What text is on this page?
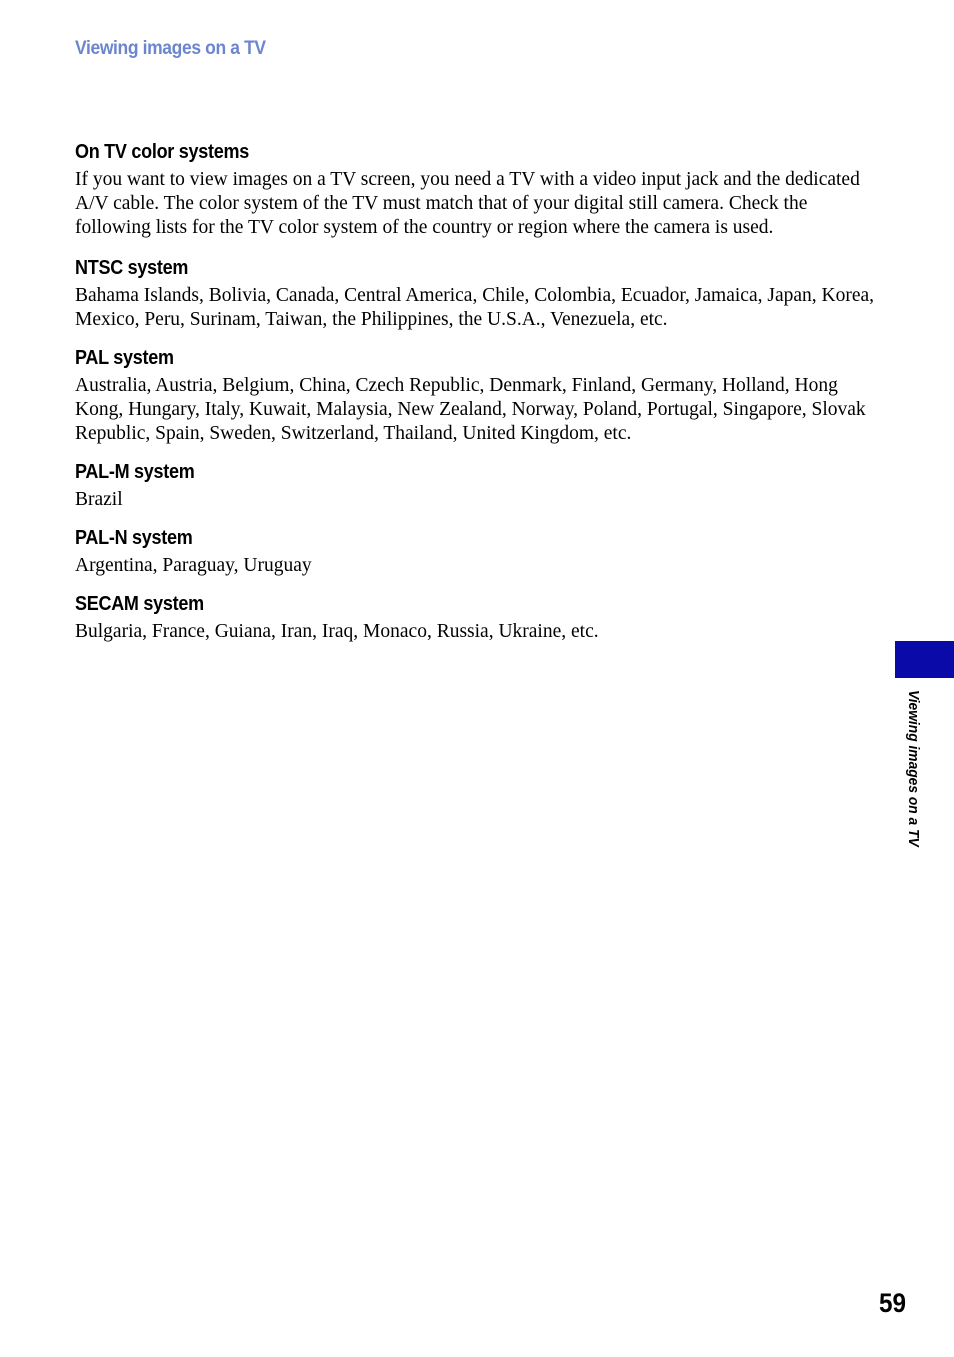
Viewing images on a TV
On TV color systems

If you want to view images on a TV screen, you need a TV with a video input jack and the dedicated A/V cable. The color system of the TV must match that of your digital still camera. Check the following lists for the TV color system of the country or region where the camera is used.

NTSC system

Bahama Islands, Bolivia, Canada, Central America, Chile, Colombia, Ecuador, Jamaica, Japan, Korea, Mexico, Peru, Surinam, Taiwan, the Philippines, the U.S.A., Venezuela, etc.

PAL system

Australia, Austria, Belgium, China, Czech Republic, Denmark, Finland, Germany, Holland, Hong Kong, Hungary, Italy, Kuwait, Malaysia, New Zealand, Norway, Poland, Portugal, Singapore, Slovak Republic, Spain, Sweden, Switzerland, Thailand, United Kingdom, etc.

PAL-M system

Brazil

PAL-N system

Argentina, Paraguay, Uruguay

SECAM system

Bulgaria, France, Guiana, Iran, Iraq, Monaco, Russia, Ukraine, etc.

Viewing images on a TV

59
